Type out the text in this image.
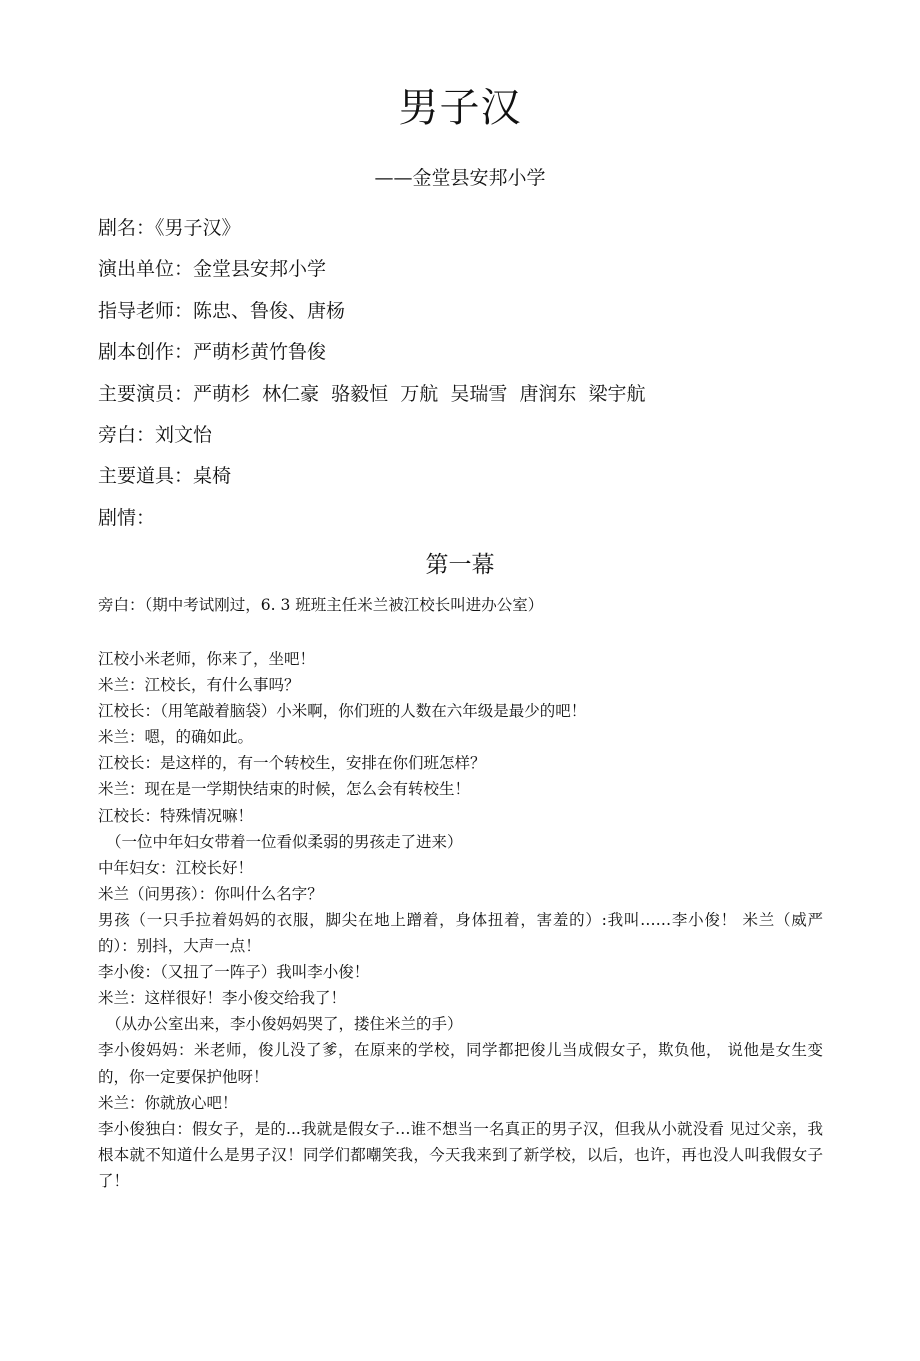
男子汉
——金堂县安邦小学
剧名：《男子汉》
演出单位：金堂县安邦小学
指导老师：陈忠、鲁俊、唐杨
剧本创作：严萌杉黄竹鲁俊
主要演员：严萌杉  林仁豪  骆毅恒  万航  吴瑞雪  唐润东  梁宇航
旁白：刘文怡
主要道具：桌椅
剧情：
第一幕
旁白：（期中考试刚过，6. 3 班班主任米兰被江校长叫进办公室）
江校小米老师，你来了，坐吧！
米兰：江校长，有什么事吗？
江校长：（用笔敲着脑袋）小米啊，你们班的人数在六年级是最少的吧！
米兰：嗯，的确如此。
江校长：是这样的，有一个转校生，安排在你们班怎样？
米兰：现在是一学期快结束的时候，怎么会有转校生！
江校长：特殊情况嘛！
（一位中年妇女带着一位看似柔弱的男孩走了进来）
中年妇女：江校长好！
米兰（问男孩）：你叫什么名字？
男孩（一只手拉着妈妈的衣服，脚尖在地上蹭着，身体扭着，害羞的）:我叫……李小俊！ 米兰（威严的）：别抖，大声一点！
李小俊：（又扭了一阵子）我叫李小俊！
米兰：这样很好！李小俊交给我了！
（从办公室出来，李小俊妈妈哭了，搂住米兰的手）
李小俊妈妈：米老师，俊儿没了爹，在原来的学校，同学都把俊儿当成假女子，欺负他， 说他是女生变的，你一定要保护他呀！
米兰：你就放心吧！
李小俊独白：假女子，是的...我就是假女子…谁不想当一名真正的男子汉，但我从小就没看 见过父亲，我根本就不知道什么是男子汉！同学们都嘲笑我，今天我来到了新学校，以后，也许，再也没人叫我假女子了！
